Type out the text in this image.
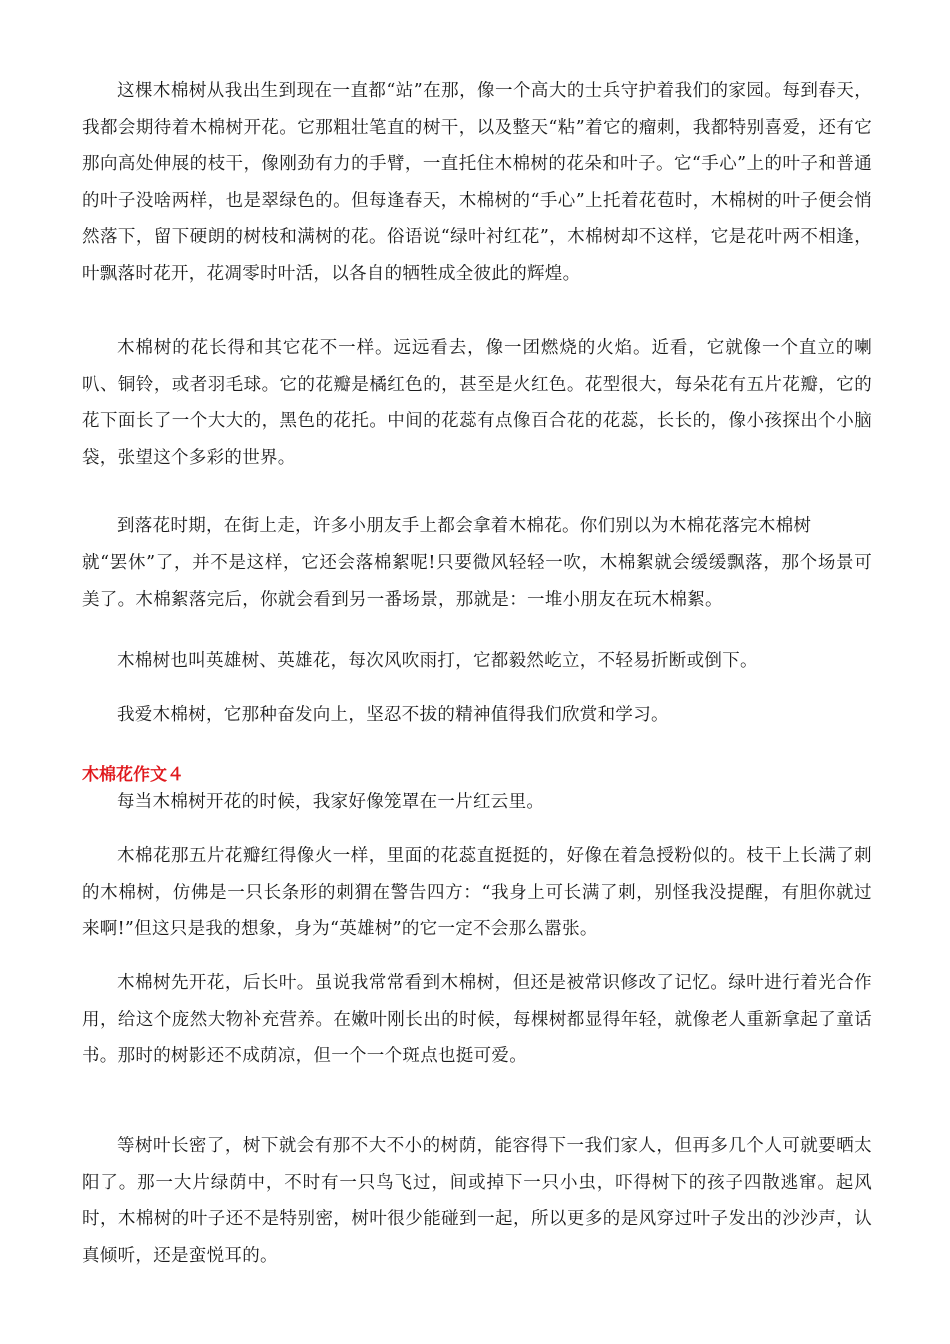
这棵木棉树从我出生到现在一直都“站”在那，像一个高大的士兵守护着我们的家园。每到春天，我都会期待着木棉树开花。它那粗壮笔直的树干，以及整天“粘”着它的瘤刺，我都特别喜爱，还有它那向高处伸展的枝干，像刚劲有力的手臂，一直托住木棉树的花朵和叶子。它“手心”上的叶子和普通的叶子没啥两样，也是翠绿色的。但每逢春天，木棉树的“手心”上托着花苞时，木棉树的叶子便会悄然落下，留下硬朗的树枝和满树的花。俗语说“绿叶衬红花”，木棉树却不这样，它是花叶两不相逢，叶飘落时花开，花凋零时叶活，以各自的牺牲成全彼此的辉煌。

木棉树的花长得和其它花不一样。远远看去，像一团燃烧的火焰。近看，它就像一个直立的喇叭、铜铃，或者羽毛球。它的花瓣是橘红色的，甚至是火红色。花型很大，每朵花有五片花瓣，它的花下面长了一个大大的，黑色的花托。中间的花蕊有点像百合花的花蕊，长长的，像小孩探出个小脑袋，张望这个多彩的世界。

到落花时期，在街上走，许多小朋友手上都会拿着木棉花。你们别以为木棉花落完木棉树

就“罢休”了，并不是这样，它还会落棉絮呢!只要微风轻轻一吹，木棉絮就会缓缓飘落，那个场景可美了。木棉絮落完后，你就会看到另一番场景，那就是：一堆小朋友在玩木棉絮。

木棉树也叫英雄树、英雄花，每次风吹雨打，它都毅然屹立，不轻易折断或倒下。

我爱木棉树，它那种奋发向上，坚忍不拔的精神值得我们欣赏和学习。

木棉花作文４

每当木棉树开花的时候，我家好像笼罩在一片红云里。

木棉花那五片花瓣红得像火一样，里面的花蕊直挺挺的，好像在着急授粉似的。枝干上长满了刺的木棉树，仿佛是一只长条形的刺猬在警告四方：“我身上可长满了刺，别怪我没提醒，有胆你就过来啊!”但这只是我的想象，身为“英雄树”的它一定不会那么嚣张。

木棉树先开花，后长叶。虽说我常常看到木棉树，但还是被常识修改了记忆。绿叶进行着光合作用，给这个庞然大物补充营养。在嫩叶刚长出的时候，每棵树都显得年轻，就像老人重新拿起了童话书。那时的树影还不成荫凉，但一个一个斑点也挺可爱。

等树叶长密了，树下就会有那不大不小的树荫，能容得下一我们家人，但再多几个人可就要晒太阳了。那一大片绿荫中，不时有一只鸟飞过，间或掉下一只小虫，吓得树下的孩子四散逃窜。起风时，木棉树的叶子还不是特别密，树叶很少能碰到一起，所以更多的是风穿过叶子发出的沙沙声，认真倾听，还是蛮悦耳的。
